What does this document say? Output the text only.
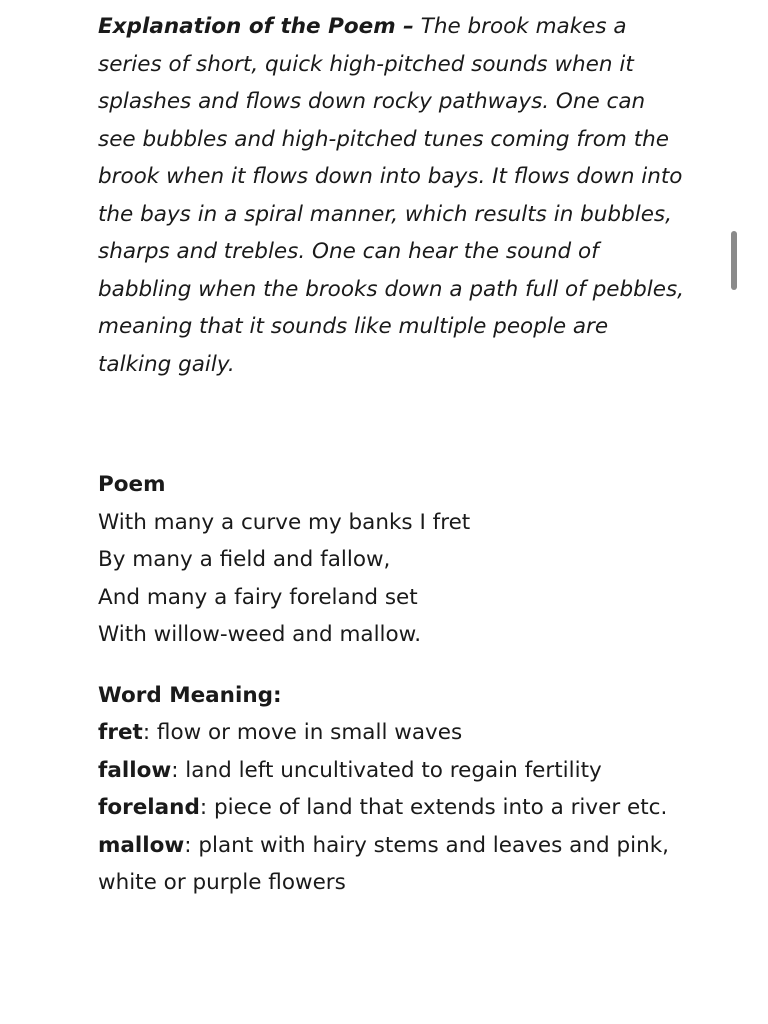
Explanation of the Poem – The brook makes a series of short, quick high-pitched sounds when it splashes and flows down rocky pathways. One can see bubbles and high-pitched tunes coming from the brook when it flows down into bays. It flows down into the bays in a spiral manner, which results in bubbles, sharps and trebles. One can hear the sound of babbling when the brooks down a path full of pebbles, meaning that it sounds like multiple people are talking gaily.

Poem
With many a curve my banks I fret
By many a field and fallow,
And many a fairy foreland set
With willow-weed and mallow.
Word Meaning:
fret: flow or move in small waves
fallow: land left uncultivated to regain fertility
foreland: piece of land that extends into a river etc.
mallow: plant with hairy stems and leaves and pink, white or purple flowers
